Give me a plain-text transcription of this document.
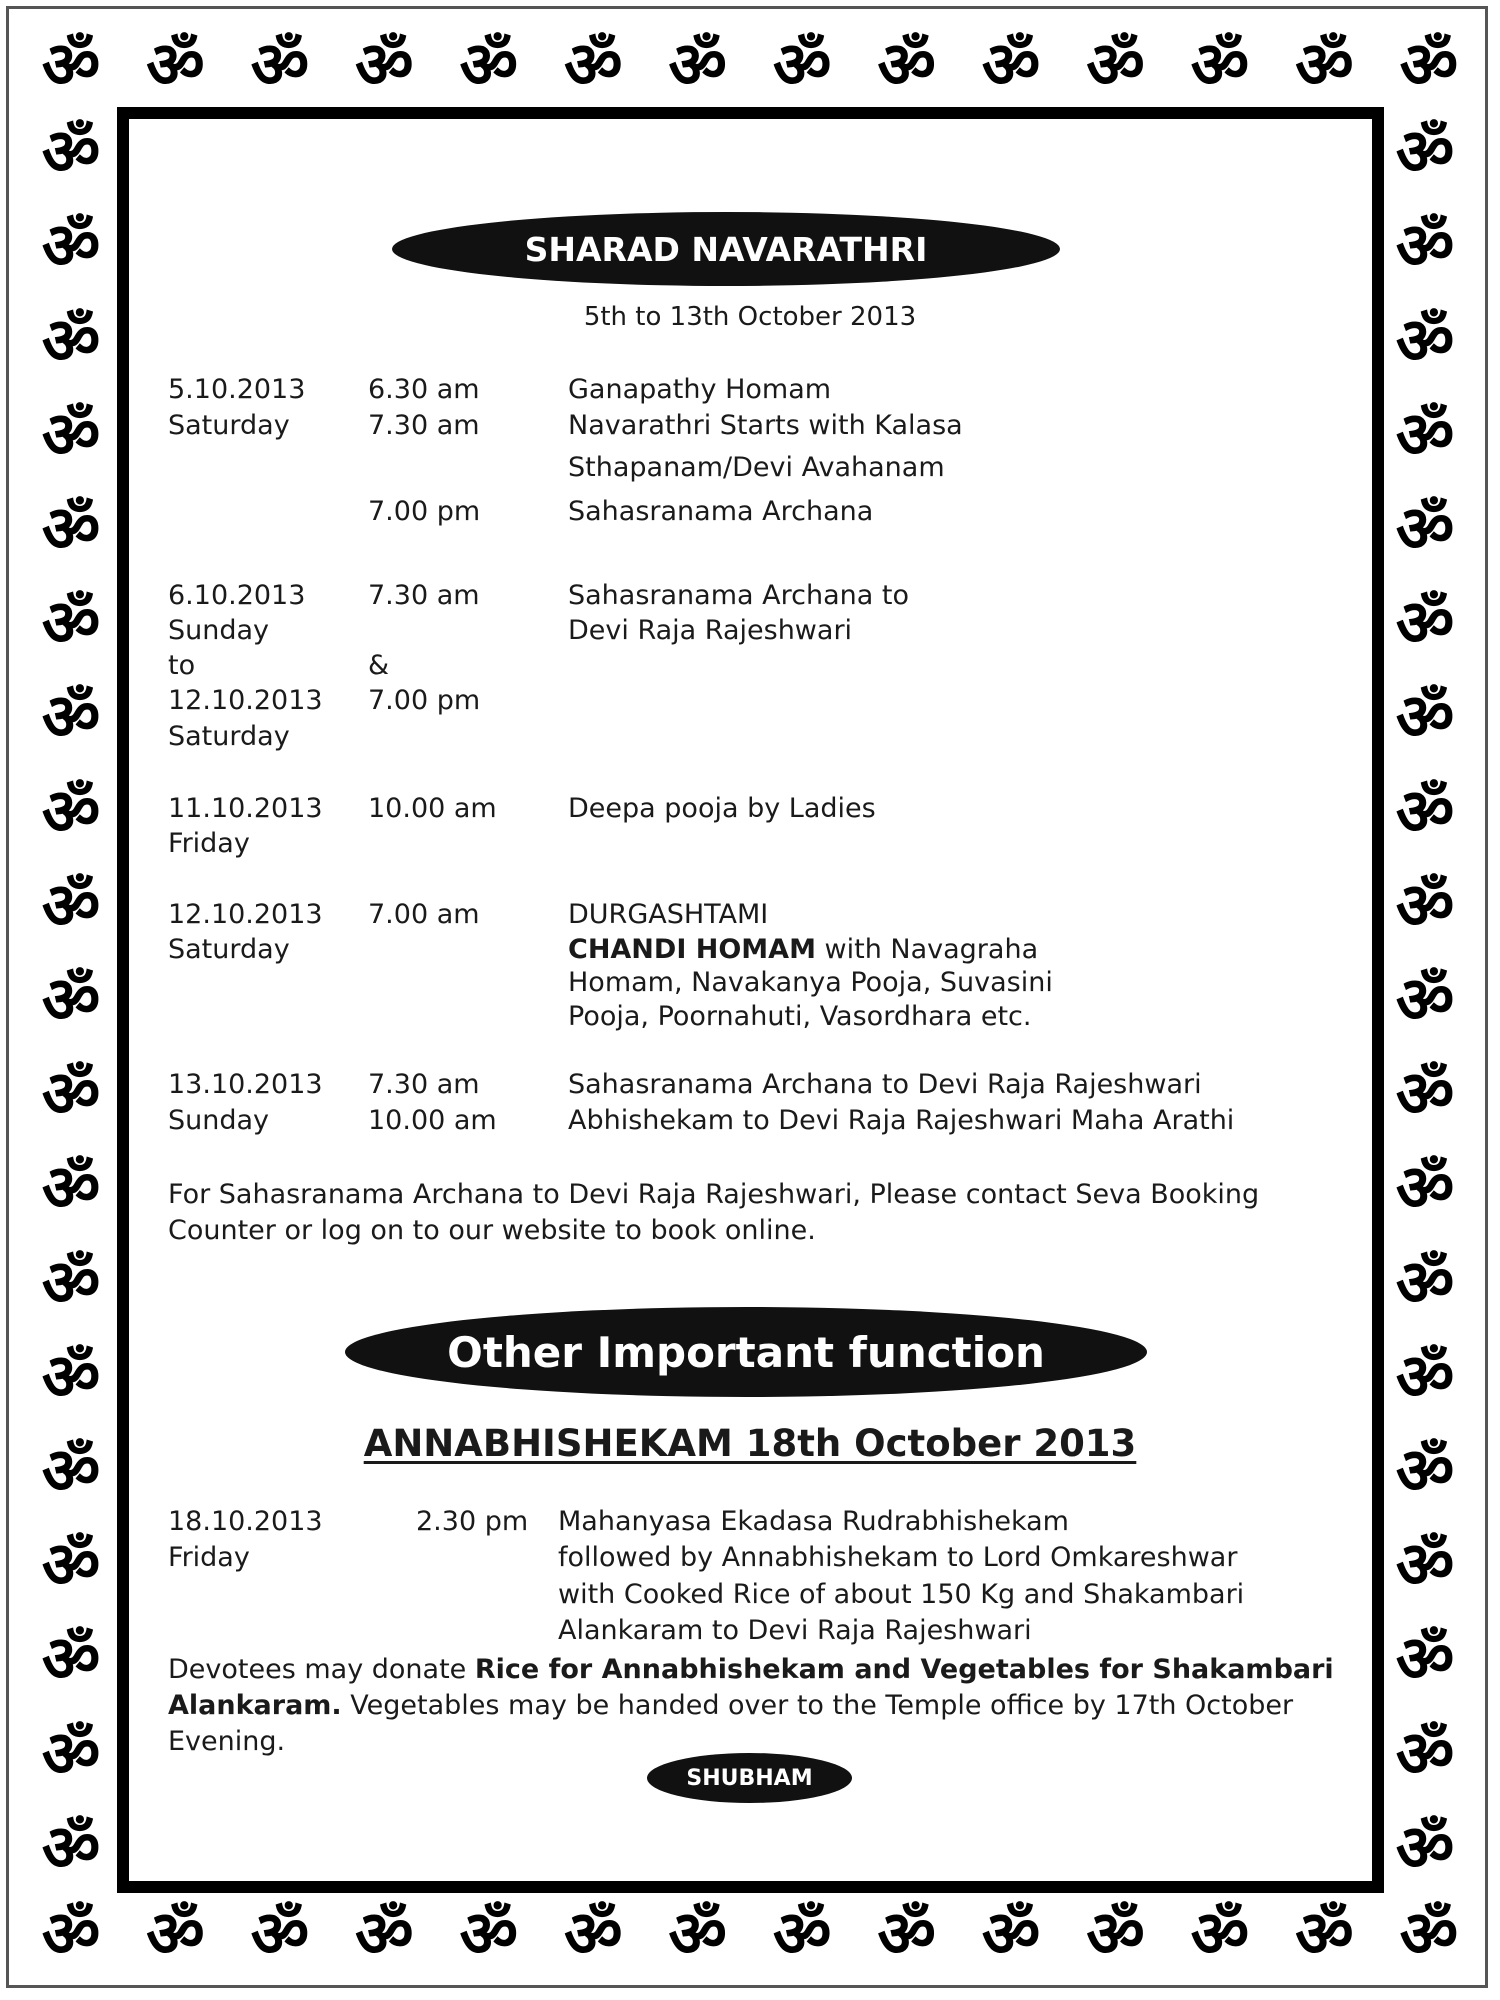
ॐ ॐ ॐ ॐ ॐ ॐ ॐ ॐ ॐ ॐ ॐ ॐ ॐ ॐ
ॐ ॐ ॐ ॐ ॐ ॐ ॐ ॐ ॐ ॐ ॐ ॐ ॐ ॐ
ॐ
ॐ
ॐ
ॐ
ॐ
ॐ
ॐ
ॐ
ॐ
ॐ
ॐ
ॐ
ॐ
ॐ
ॐ
ॐ
ॐ
ॐ
ॐ
ॐ
ॐ
ॐ
ॐ
ॐ
ॐ
ॐ
ॐ
ॐ
ॐ
ॐ
ॐ
ॐ
ॐ
ॐ
ॐ
ॐ
ॐ
ॐ
SHARAD NAVARATHRI
5th to 13th October 2013
5.10.2013
Saturday
6.30 am
7.30 am
7.00 pm
Ganapathy Homam
Navarathri Starts with Kalasa
Sthapanam/Devi Avahanam
Sahasranama Archana
6.10.2013
Sunday
to
12.10.2013
Saturday
7.30 am
&
7.00 pm
Sahasranama Archana to
Devi Raja Rajeshwari
11.10.2013
Friday
10.00 am	Deepa pooja by Ladies
12.10.2013
Saturday
7.00 am	DURGASHTAMI
CHANDI HOMAM with Navagraha
Homam, Navakanya Pooja, Suvasini
Pooja, Poornahuti, Vasordhara etc.
13.10.2013
Sunday
7.30 am
10.00 am
Sahasranama Archana to Devi Raja Rajeshwari
Abhishekam to Devi Raja Rajeshwari Maha Arathi
For Sahasranama Archana to Devi Raja Rajeshwari, Please contact Seva Booking
Counter or log on to our website to book online.
Other Important function
ANNABHISHEKAM 18th October 2013
18.10.2013
Friday
2.30 pm Mahanyasa Ekadasa Rudrabhishekam
followed by Annabhishekam to Lord Omkareshwar
with Cooked Rice of about 150 Kg and Shakambari
Alankaram to Devi Raja Rajeshwari
Devotees may donate Rice for Annabhishekam and Vegetables for Shakambari
Alankaram. Vegetables may be handed over to the Temple office by 17th October
Evening.
SHUBHAM
